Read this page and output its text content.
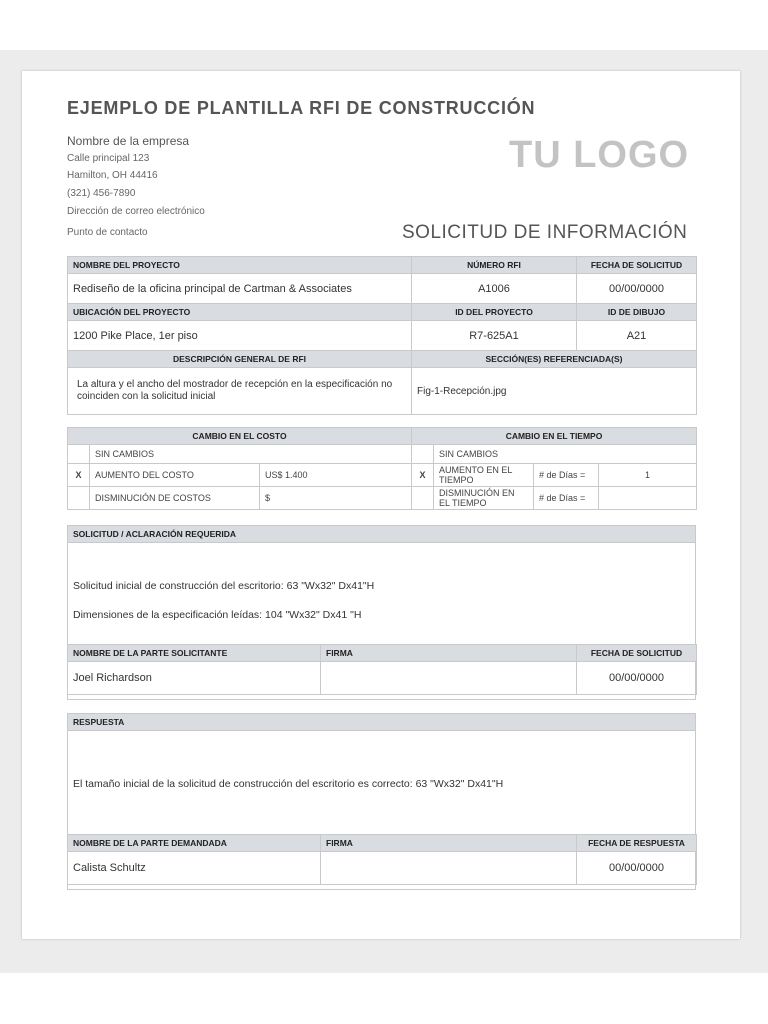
EJEMPLO DE PLANTILLA RFI DE CONSTRUCCIÓN
Nombre de la empresa
Calle principal 123
Hamilton, OH 44416
(321) 456-7890
Dirección de correo electrónico
Punto de contacto
TU LOGO
SOLICITUD DE INFORMACIÓN
NOMBRE DEL PROYECTO	NÚMERO RFI	FECHA DE SOLICITUD
Rediseño de la oficina principal de Cartman & Associates	A1006	00/00/0000
UBICACIÓN DEL PROYECTO	ID DEL PROYECTO	ID DE DIBUJO
1200 Pike Place, 1er piso	R7-625A1	A21
DESCRIPCIÓN GENERAL DE RFI	SECCIÓN(ES) REFERENCIADA(S)	
La altura y el ancho del mostrador de recepción en la especificación no coinciden con la solicitud inicial	Fig-1-Recepción.jpg	
CAMBIO EN EL COSTO			CAMBIO EN EL TIEMPO			
	SIN CAMBIOS			SIN CAMBIOS		
X	AUMENTO DEL COSTO	US$ 1.400	X	AUMENTO EN EL TIEMPO	# de Días =	1
	DISMINUCIÓN DE COSTOS	$		DISMINUCIÓN EN EL TIEMPO	# de Días =	
SOLICITUD / ACLARACIÓN REQUERIDA
Solicitud inicial de construcción del escritorio: 63 "Wx32" Dx41"H
Dimensiones de la especificación leídas: 104 "Wx32" Dx41 "H
NOMBRE DE LA PARTE SOLICITANTE	FIRMA	FECHA DE SOLICITUD
Joel Richardson		00/00/0000
RESPUESTA
El tamaño inicial de la solicitud de construcción del escritorio es correcto: 63 "Wx32" Dx41"H
NOMBRE DE LA PARTE DEMANDADA	FIRMA	FECHA DE RESPUESTA
Calista Schultz		00/00/0000
